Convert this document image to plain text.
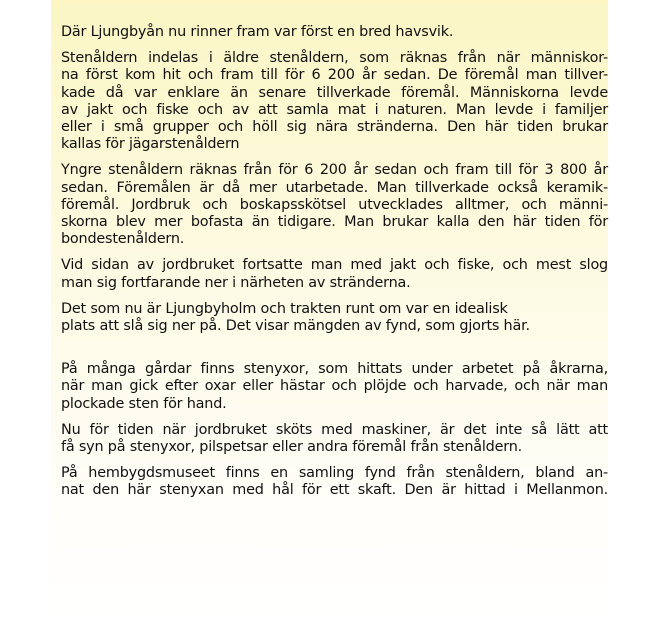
Där Ljungbyån nu rinner fram var först en bred havsvik.
Stenåldern indelas i äldre stenåldern, som räknas från när människor-
na först kom hit och fram till för 6 200 år sedan. De föremål man tillver-
kade då var enklare än senare tillverkade föremål. Människorna levde
av jakt och fiske och av att samla mat i naturen. Man levde i familjer
eller i små grupper och höll sig nära stränderna. Den här tiden brukar
kallas för jägarstenåldern
Yngre stenåldern räknas från för 6 200 år sedan och fram till för 3 800 år
sedan. Föremålen är då mer utarbetade. Man tillverkade också keramik-
föremål. Jordbruk och boskapsskötsel utvecklades alltmer, och männi-
skorna blev mer bofasta än tidigare. Man brukar kalla den här tiden för
bondestenåldern.
Vid sidan av jordbruket fortsatte man med jakt och fiske, och mest slog
man sig fortfarande ner i närheten av stränderna.
Det som nu är Ljungbyholm och trakten runt om var en idealisk
plats att slå sig ner på. Det visar mängden av fynd, som gjorts här.
På många gårdar finns stenyxor, som hittats under arbetet på åkrarna,
när man gick efter oxar eller hästar och plöjde och harvade, och när man
plockade sten för hand.
Nu för tiden när jordbruket sköts med maskiner, är det inte så lätt att
få syn på stenyxor, pilspetsar eller andra föremål från stenåldern.
På hembygdsmuseet finns en samling fynd från stenåldern, bland an-
nat den här stenyxan med hål för ett skaft. Den är hittad i Mellanmon.
